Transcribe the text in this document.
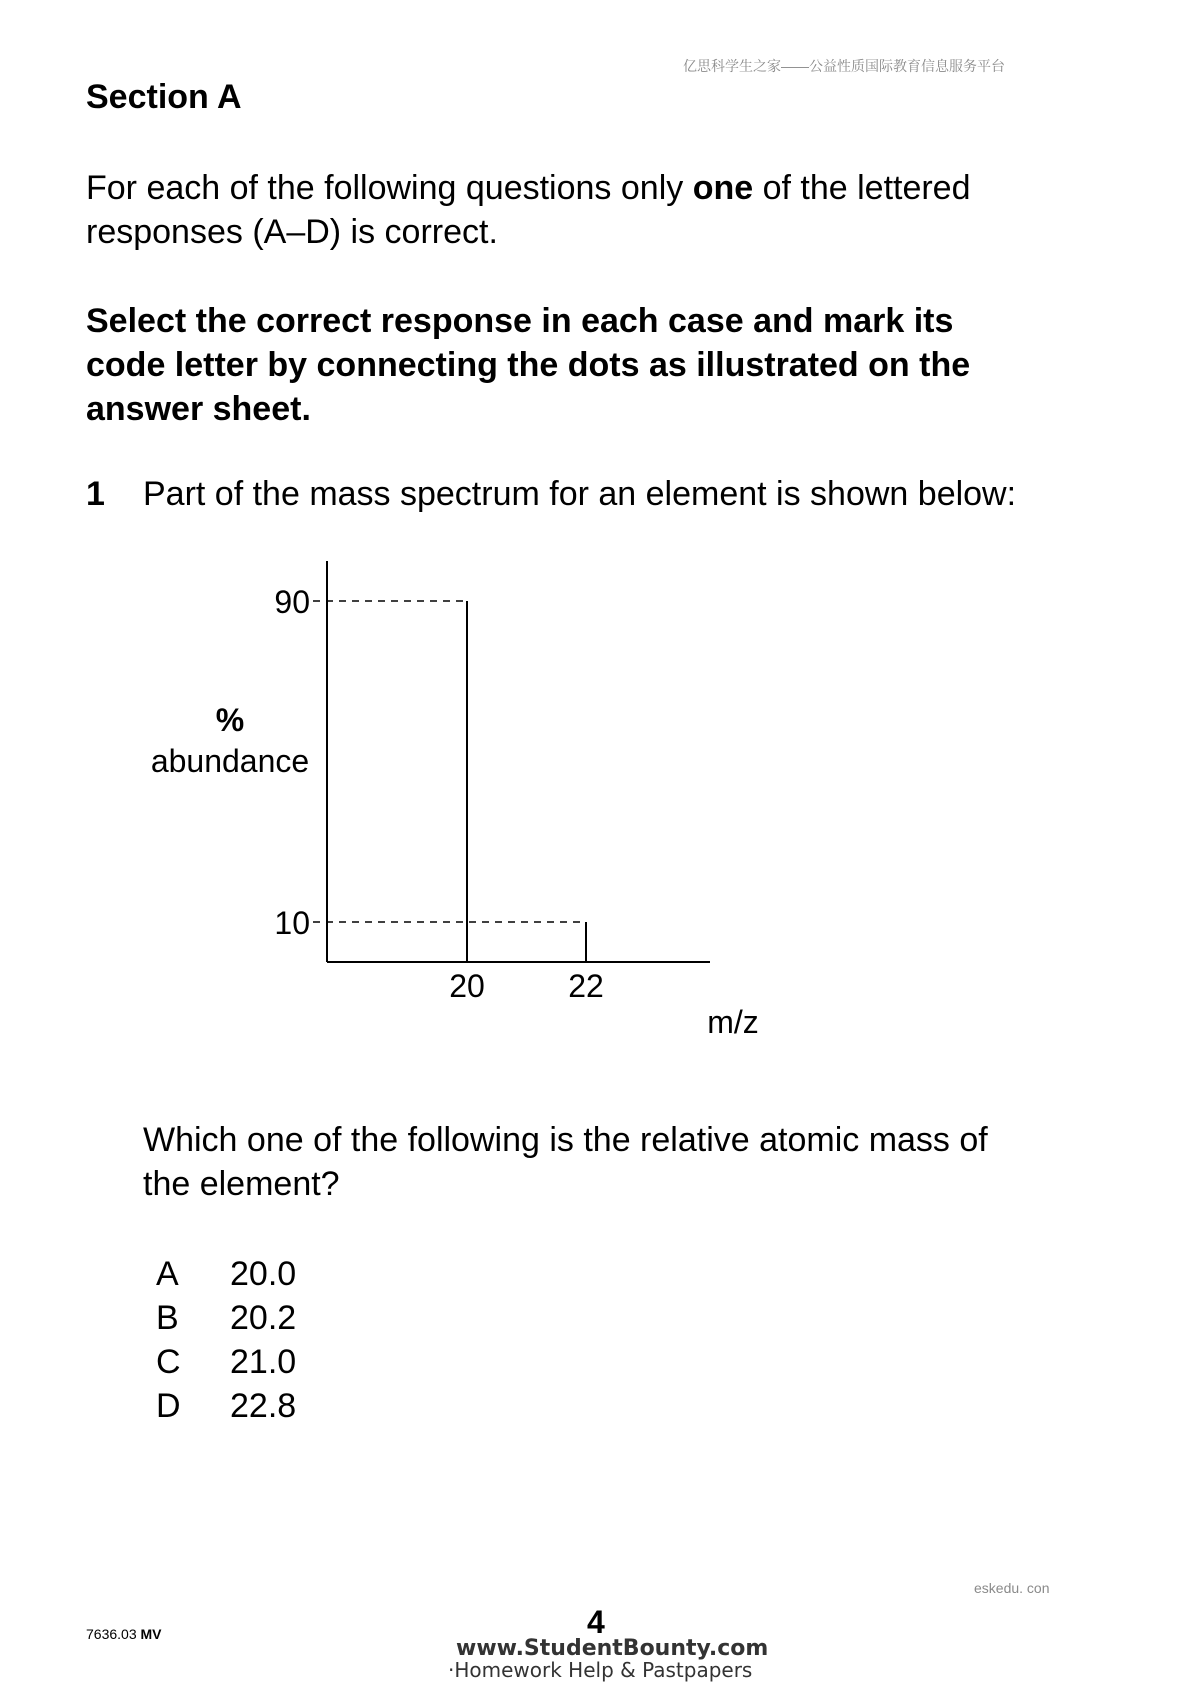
亿思科学生之家——公益性质国际教育信息服务平台
Section A
For each of the following questions only one of the lettered
responses (A–D) is correct.
Select the correct response in each case and mark its
code letter by connecting the dots as illustrated on the
answer sheet.
1 Part of the mass spectrum for an element is shown below:
90
10
20	22
%
abundance
m/z
Which one of the following is the relative atomic mass of
the element?
A	20.0
B	20.2
C	21.0
D	22.8
eskedu. con
7636.03 MV	4
www.StudentBounty.com
·Homework Help & Pastpapers
